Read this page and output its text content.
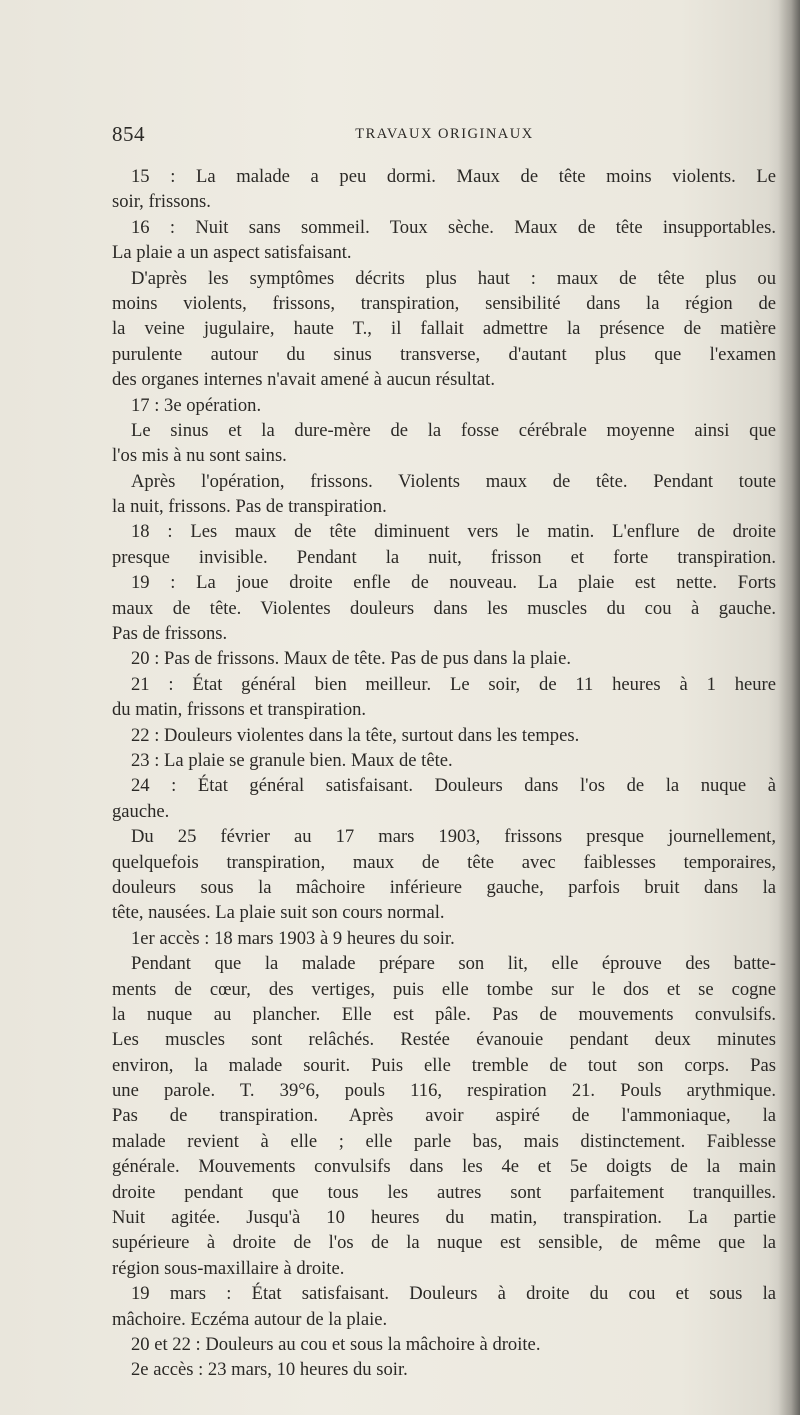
854	TRAVAUX ORIGINAUX
15 : La malade a peu dormi. Maux de tête moins violents. Le
soir, frissons.
16 : Nuit sans sommeil. Toux sèche. Maux de tête insupportables.
La plaie a un aspect satisfaisant.
D'après les symptômes décrits plus haut : maux de tête plus ou
moins violents, frissons, transpiration, sensibilité dans la région de
la veine jugulaire, haute T., il fallait admettre la présence de matière
purulente autour du sinus transverse, d'autant plus que l'examen
des organes internes n'avait amené à aucun résultat.
17 : 3e opération.
Le sinus et la dure-mère de la fosse cérébrale moyenne ainsi que
l'os mis à nu sont sains.
Après l'opération, frissons. Violents maux de tête. Pendant toute
la nuit, frissons. Pas de transpiration.
18 : Les maux de tête diminuent vers le matin. L'enflure de droite
presque invisible. Pendant la nuit, frisson et forte transpiration.
19 : La joue droite enfle de nouveau. La plaie est nette. Forts
maux de tête. Violentes douleurs dans les muscles du cou à gauche.
Pas de frissons.
20 : Pas de frissons. Maux de tête. Pas de pus dans la plaie.
21 : État général bien meilleur. Le soir, de 11 heures à 1 heure
du matin, frissons et transpiration.
22 : Douleurs violentes dans la tête, surtout dans les tempes.
23 : La plaie se granule bien. Maux de tête.
24 : État général satisfaisant. Douleurs dans l'os de la nuque à
gauche.
Du 25 février au 17 mars 1903, frissons presque journellement,
quelquefois transpiration, maux de tête avec faiblesses temporaires,
douleurs sous la mâchoire inférieure gauche, parfois bruit dans la
tête, nausées. La plaie suit son cours normal.
1er accès : 18 mars 1903 à 9 heures du soir.
Pendant que la malade prépare son lit, elle éprouve des batte-
ments de cœur, des vertiges, puis elle tombe sur le dos et se cogne
la nuque au plancher. Elle est pâle. Pas de mouvements convulsifs.
Les muscles sont relâchés. Restée évanouie pendant deux minutes
environ, la malade sourit. Puis elle tremble de tout son corps. Pas
une parole. T. 39°6, pouls 116, respiration 21. Pouls arythmique.
Pas de transpiration. Après avoir aspiré de l'ammoniaque, la
malade revient à elle ; elle parle bas, mais distinctement. Faiblesse
générale. Mouvements convulsifs dans les 4e et 5e doigts de la main
droite pendant que tous les autres sont parfaitement tranquilles.
Nuit agitée. Jusqu'à 10 heures du matin, transpiration. La partie
supérieure à droite de l'os de la nuque est sensible, de même que la
région sous-maxillaire à droite.
19 mars : État satisfaisant. Douleurs à droite du cou et sous la
mâchoire. Eczéma autour de la plaie.
20 et 22 : Douleurs au cou et sous la mâchoire à droite.
2e accès : 23 mars, 10 heures du soir.
